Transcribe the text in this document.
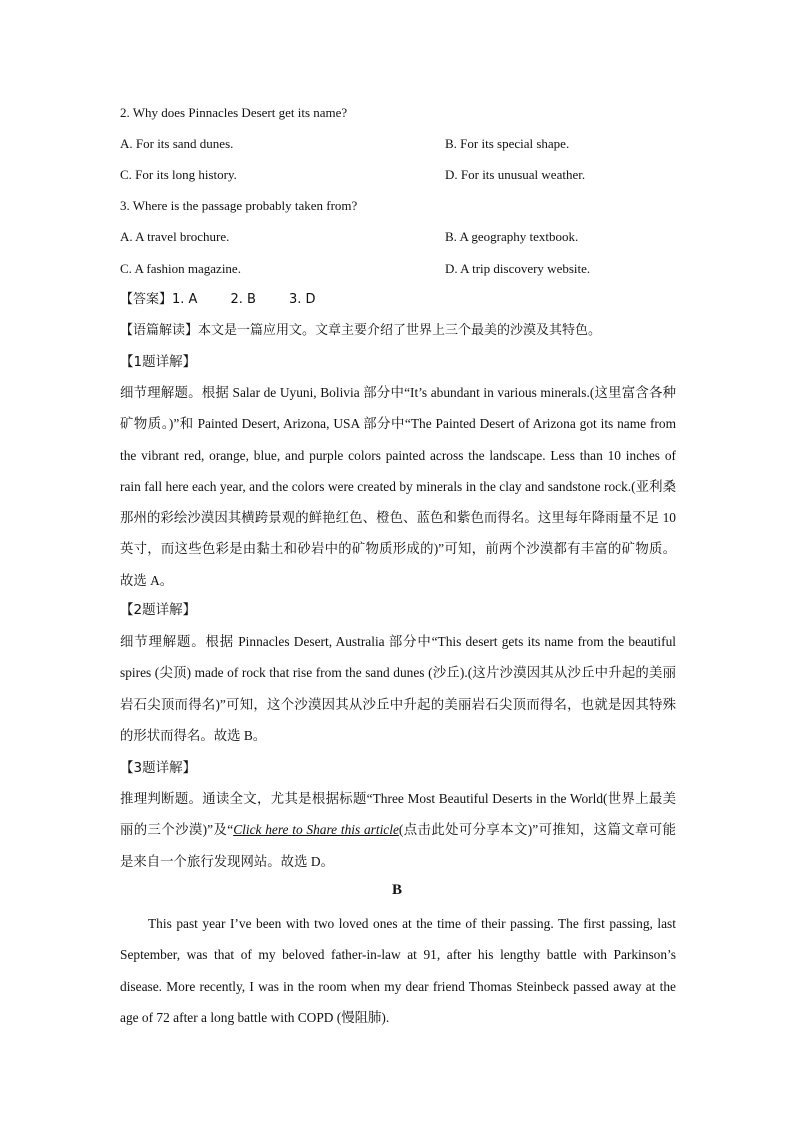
2. Why does Pinnacles Desert get its name?
A. For its sand dunes.	B. For its special shape.
C. For its long history.	D. For its unusual weather.
3. Where is the passage probably taken from?
A. A travel brochure.	B. A geography textbook.
C. A fashion magazine.	D. A trip discovery website.
【答案】1. A        2. B        3. D
【语篇解读】本文是一篇应用文。文章主要介绍了世界上三个最美的沙漠及其特色。
【1题详解】
细节理解题。根据 Salar de Uyuni, Bolivia 部分中“It’s abundant in various minerals.(这里富含各种矿物质。)”和 Painted Desert, Arizona, USA 部分中“The Painted Desert of Arizona got its name from the vibrant red, orange, blue, and purple colors painted across the landscape. Less than 10 inches of rain fall here each year, and the colors were created by minerals in the clay and sandstone rock.(亚利桑那州的彩绘沙漠因其横跨景观的鲜艳红色、橙色、蓝色和紫色而得名。这里每年降雨量不足 10 英寸，而这些色彩是由黏土和砂岩中的矿物质形成的)”可知，前两个沙漠都有丰富的矿物质。故选 A。
【2题详解】
细节理解题。根据 Pinnacles Desert, Australia 部分中“This desert gets its name from the beautiful spires (尖顶) made of rock that rise from the sand dunes (沙丘).(这片沙漠因其从沙丘中升起的美丽岩石尖顶而得名)”可知，这个沙漠因其从沙丘中升起的美丽岩石尖顶而得名，也就是因其特殊的形状而得名。故选 B。
【3题详解】
推理判断题。通读全文，尤其是根据标题“Three Most Beautiful Deserts in the World(世界上最美丽的三个沙漠)”及“Click here to Share this article(点击此处可分享本文)”可推知，这篇文章可能是来自一个旅行发现网站。故选 D。
B
This past year I’ve been with two loved ones at the time of their passing. The first passing, last September, was that of my beloved father-in-law at 91, after his lengthy battle with Parkinson’s disease. More recently, I was in the room when my dear friend Thomas Steinbeck passed away at the age of 72 after a long battle with COPD (慢阻肺).
